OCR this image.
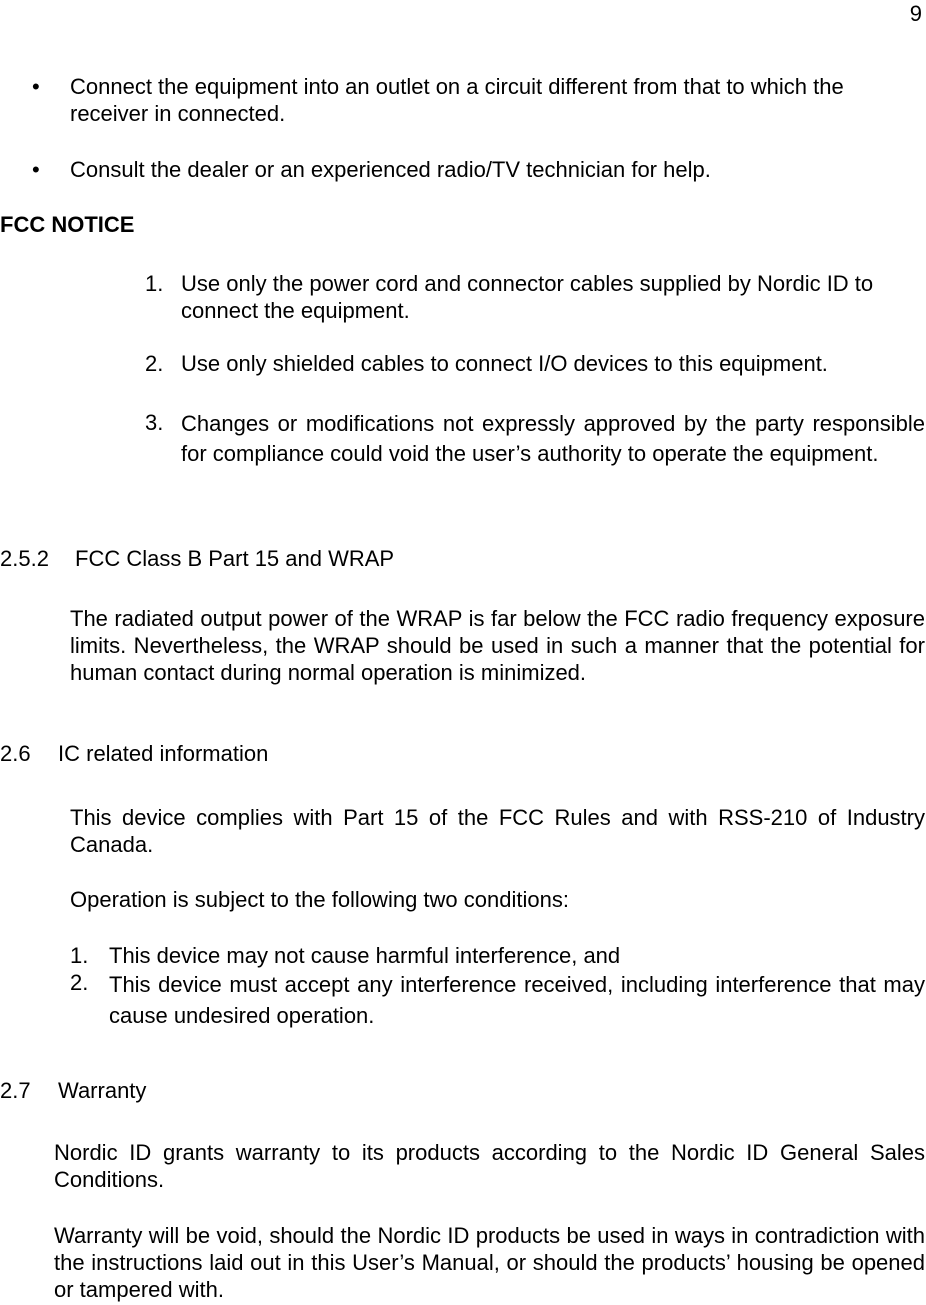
9
• Connect the equipment into an outlet on a circuit different from that to which the receiver in connected.
• Consult the dealer or an experienced radio/TV technician for help.
FCC NOTICE
1. Use only the power cord and connector cables supplied by Nordic ID to connect the equipment.
2. Use only shielded cables to connect I/O devices to this equipment.
3. Changes or modifications not expressly approved by the party responsible for compliance could void the user’s authority to operate the equipment.
2.5.2 FCC Class B Part 15 and WRAP
The radiated output power of the WRAP is far below the FCC radio frequency exposure limits. Nevertheless, the WRAP should be used in such a manner that the potential for human contact during normal operation is minimized.
2.6 IC related information
This device complies with Part 15 of the FCC Rules and with RSS-210 of Industry Canada.
Operation is subject to the following two conditions:
1. This device may not cause harmful interference, and
2. This device must accept any interference received, including interference that may cause undesired operation.
2.7 Warranty
Nordic ID grants warranty to its products according to the Nordic ID General Sales Conditions.
Warranty will be void, should the Nordic ID products be used in ways in contradiction with the instructions laid out in this User’s Manual, or should the products’ housing be opened or tampered with.
